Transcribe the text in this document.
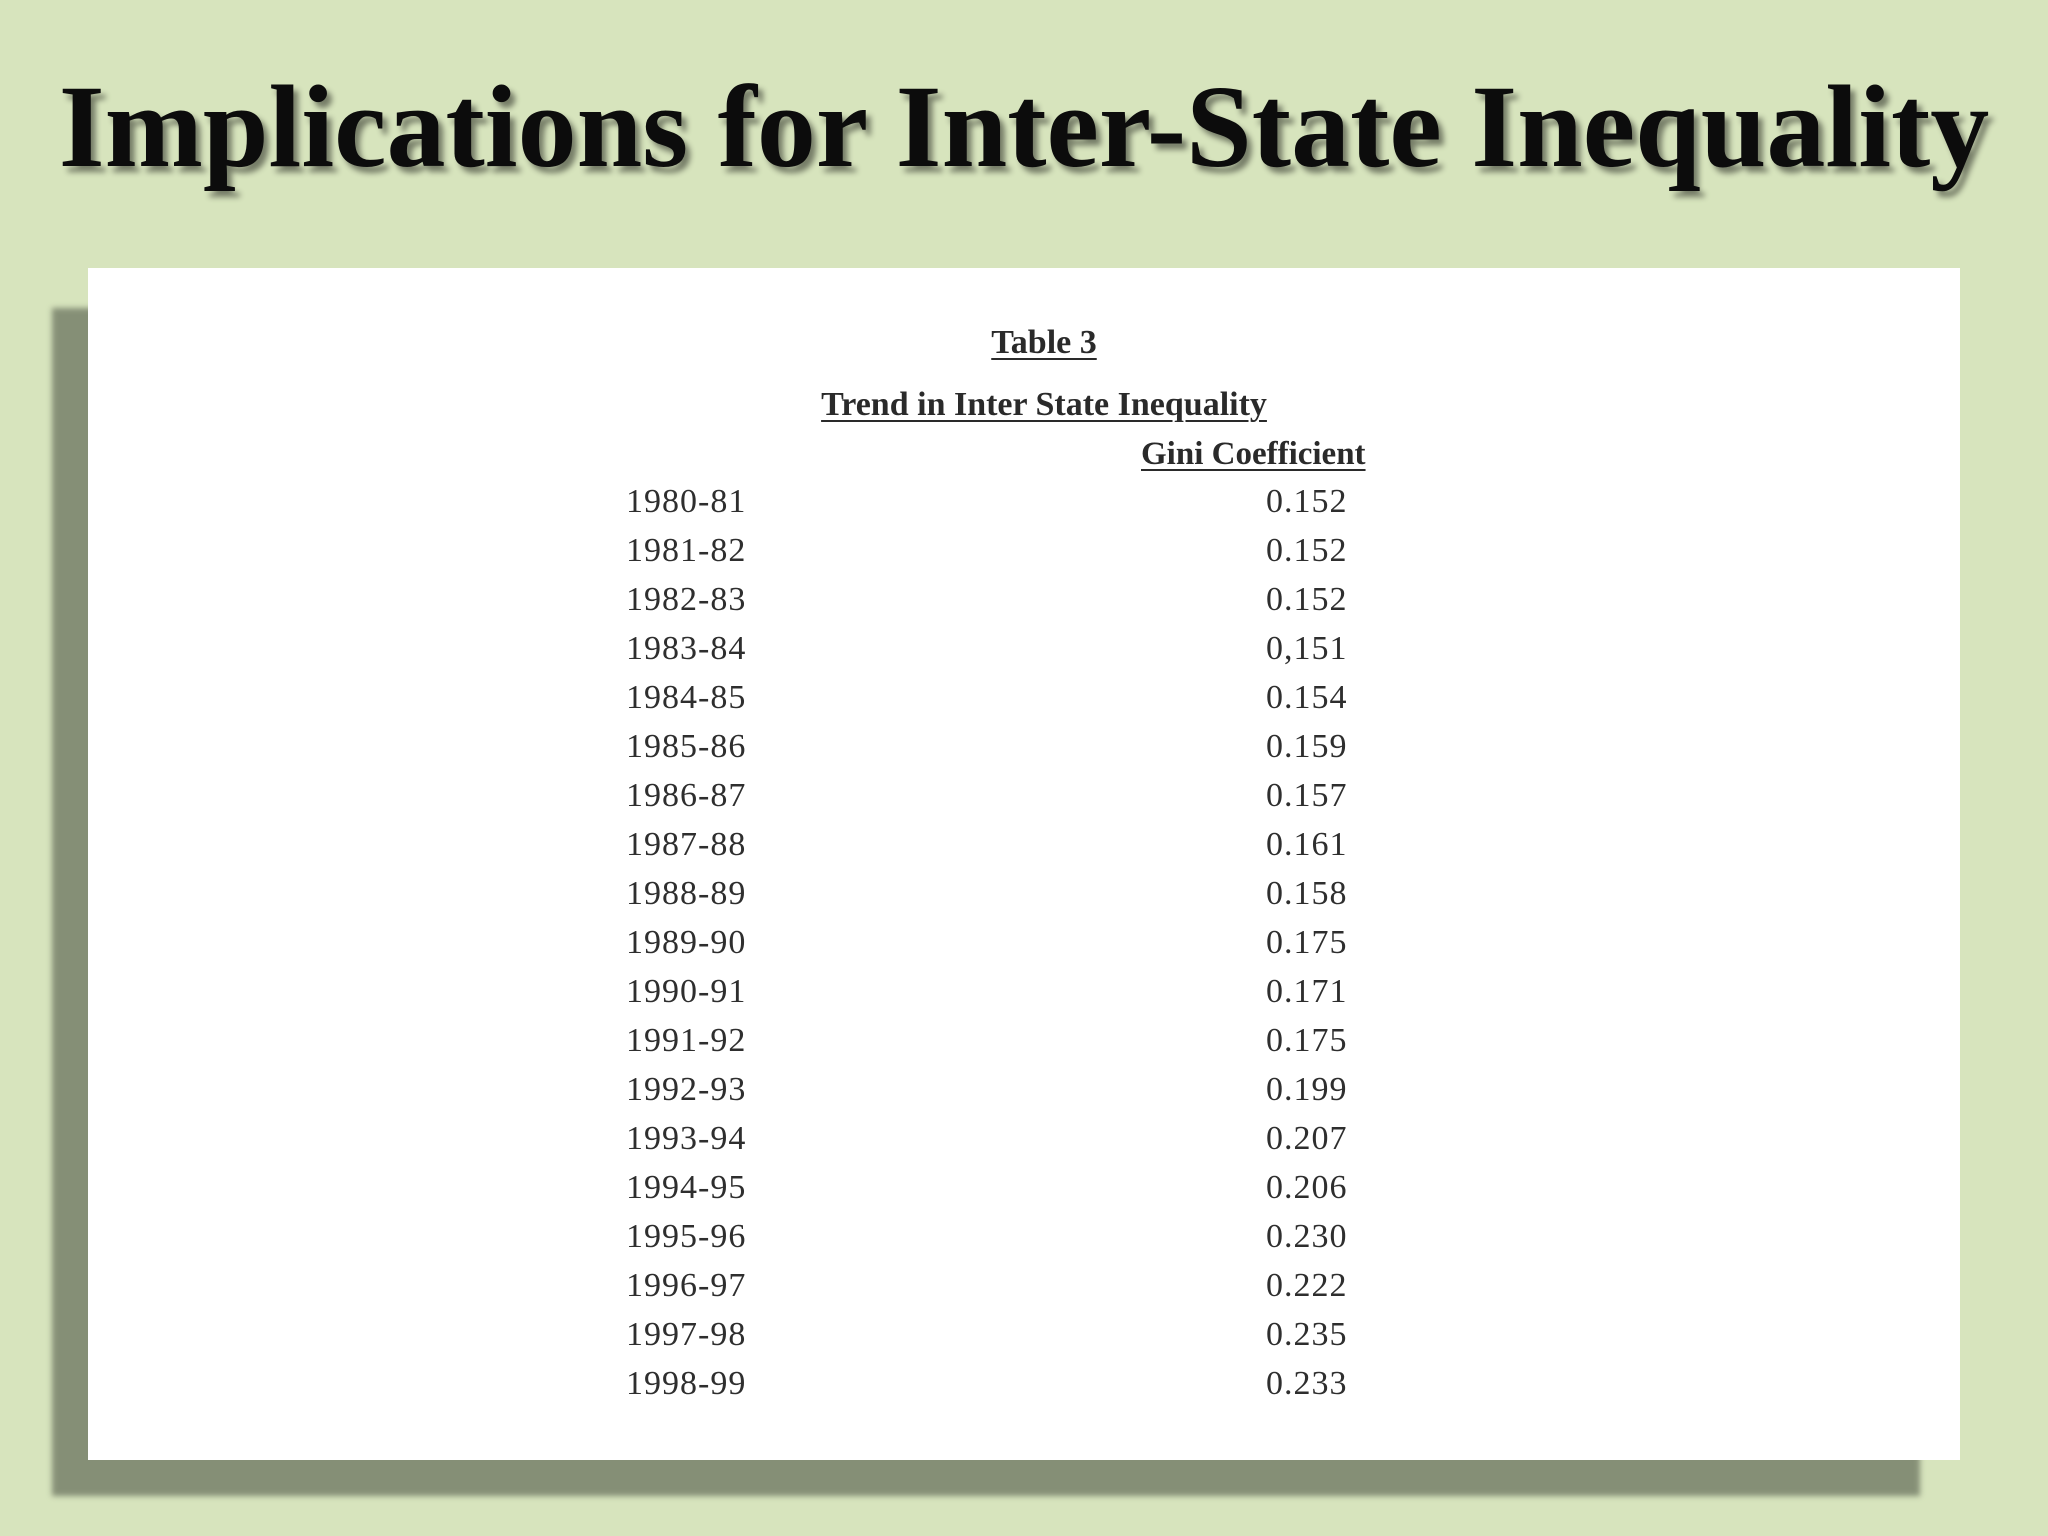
Implications for Inter-State Inequality
Table 3
Trend in Inter State Inequality
Gini Coefficient
1980-81	0.152
1981-82	0.152
1982-83	0.152
1983-84	0,151
1984-85	0.154
1985-86	0.159
1986-87	0.157
1987-88	0.161
1988-89	0.158
1989-90	0.175
1990-91	0.171
1991-92	0.175
1992-93	0.199
1993-94	0.207
1994-95	0.206
1995-96	0.230
1996-97	0.222
1997-98	0.235
1998-99	0.233
